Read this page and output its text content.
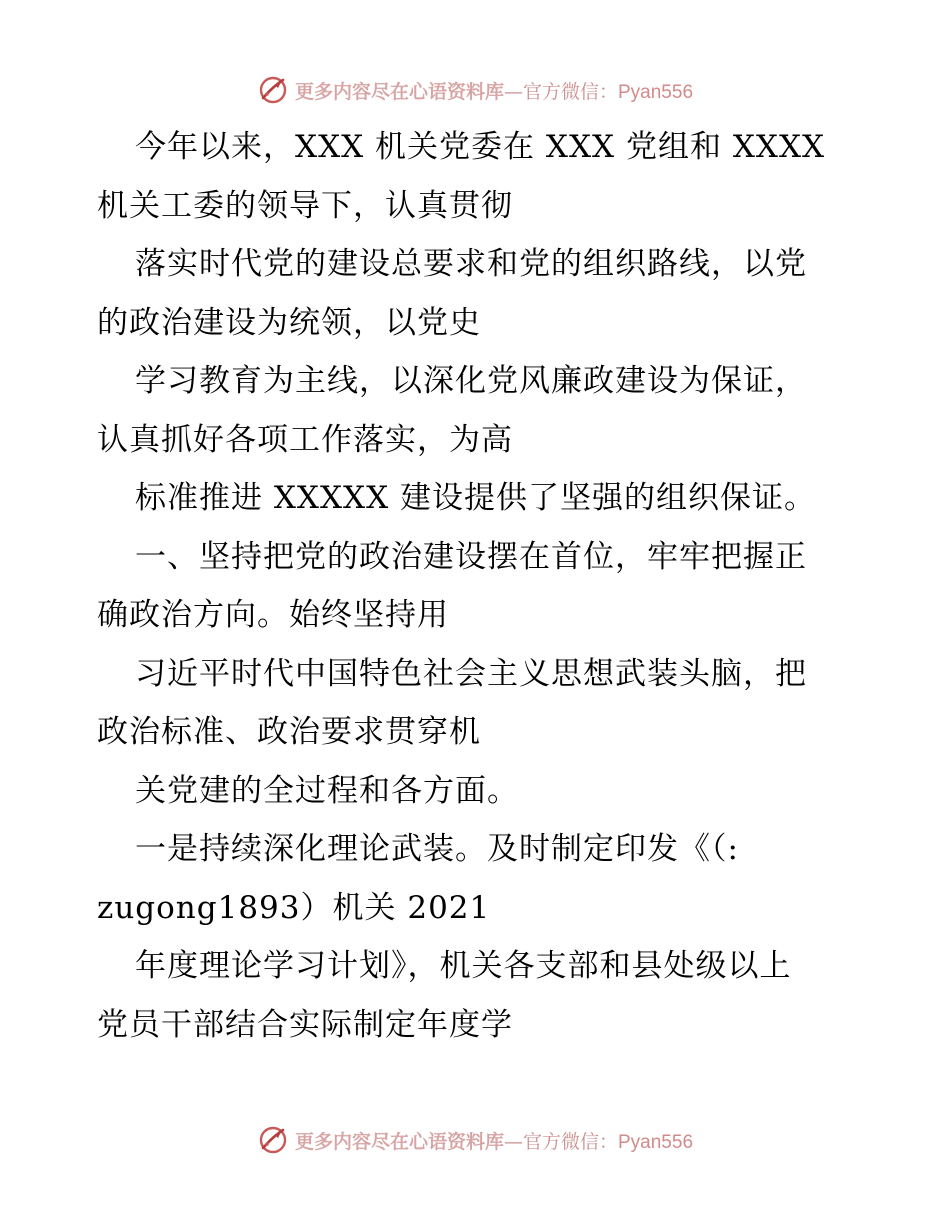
更多内容尽在心语资料库—官方微信：Pyan556
今年以来，XXX 机关党委在 XXX 党组和 XXXX
机关工委的领导下，认真贯彻
落实时代党的建设总要求和党的组织路线，以党
的政治建设为统领，以党史
学习教育为主线，以深化党风廉政建设为保证，
认真抓好各项工作落实，为高
标准推进 XXXXX 建设提供了坚强的组织保证。
一、坚持把党的政治建设摆在首位，牢牢把握正
确政治方向。始终坚持用
习近平时代中国特色社会主义思想武装头脑，把
政治标准、政治要求贯穿机
关党建的全过程和各方面。
一是持续深化理论武装。及时制定印发《（:
zugong1893）机关 2021
年度理论学习计划》，机关各支部和县处级以上
党员干部结合实际制定年度学
更多内容尽在心语资料库—官方微信：Pyan556
